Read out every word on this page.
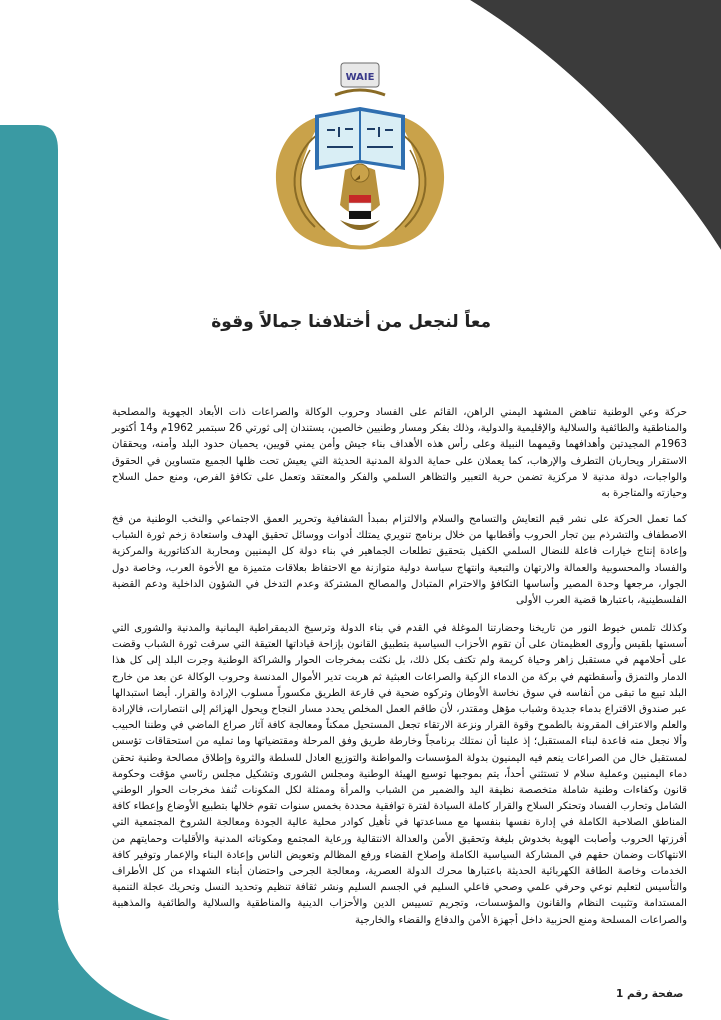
WAIE
معاً لنجعل من أختلافنا جمالاً وقوة
حركة وعي الوطنية تناهض المشهد اليمني الراهن، القائم على الفساد وحروب الوكالة والصراعات ذات الأبعاد الجهوية والمصلحية والمناطقية والطائفية والسلالية والإقليمية والدولية، وذلك بفكر ومسار وطنيين خالصين، يستندان إلى ثورتي 26 سبتمبر 1962م و14 أكتوبر 1963م المجيدتين وأهدافهما وقيمهما النبيلة وعلى رأس هذه الأهداف بناء جيش وأمن يمني قويين، يحميان حدود البلد وأمنه، ويحققان الاستقرار ويحاربان التطرف والإرهاب، كما يعملان على حماية الدولة المدنية الحديثة التي يعيش تحت ظلها الجميع متساوين في الحقوق والواجبات، دولة مدنية لا مركزية تضمن حرية التعبير والتظاهر السلمي والفكر والمعتقد وتعمل على تكافؤ الفرص، ومنع حمل السلاح وحيازته والمتاجرة به
كما تعمل الحركة على نشر قيم التعايش والتسامح والسلام والالتزام بمبدأ الشفافية وتحرير العمق الاجتماعي والنخب الوطنية من فخ الاصطفاف والتشرذم بين تجار الحروب وأقطابها من خلال برنامج تنويري يمتلك أدوات ووسائل تحقيق الهدف واستعادة زخم ثورة الشباب وإعادة إنتاج خيارات فاعلة للنضال السلمي الكفيل بتحقيق تطلعات الجماهير في بناء دولة كل اليمنيين ومحاربة الدكتاتورية والمركزية والفساد والمحسوبية والعمالة والارتهان والتبعية وانتهاج سياسة دولية متوازنة مع الاحتفاظ بعلاقات متميزة مع الأخوة العرب، وخاصة دول الجوار، مرجعها وحدة المصير وأساسها التكافؤ والاحترام المتبادل والمصالح المشتركة وعدم التدخل في الشؤون الداخلية ودعم القضية الفلسطينية، باعتبارها قضية العرب الأولى
وكذلك تلمس خيوط النور من تاريخنا وحضارتنا الموغلة في القدم في بناء الدولة وترسيخ الديمقراطية اليمانية والمدنية والشورى التي أسستها بلقيس وأروى العظيمتان على أن تقوم الأحزاب السياسية بتطبيق القانون بإزاحة قياداتها العتيقة التي سرقت ثورة الشباب وقضت على أحلامهم في مستقبل زاهر وحياة كريمة ولم تكتف بكل ذلك، بل نكثت بمخرجات الحوار والشراكة الوطنية وجرت البلد إلى كل هذا الدمار والتمزق وأسقطتهم في بركة من الدماء الزكية والصراعات العبثية ثم هربت تدير الأموال المدنسة وحروب الوكالة عن بعد من خارج البلد تبيع ما تبقى من أنفاسه في سوق نخاسة الأوطان وتركوه ضحية في قارعة الطريق مكسوراً مسلوب الإرادة والقرار. أيضا استبدالها عبر صندوق الاقتراع بدماء جديدة وشباب مؤهل ومقتدر، لأن طاقم العمل المخلص يحدد مسار النجاح ويحول الهزائم إلى انتصارات، فالإرادة والعلم والاعتراف المقرونة بالطموح وقوة القرار ونزعة الارتقاء تجعل المستحيل ممكناً ومعالجة كافة آثار صراع الماضي في وطننا الحبيب وألا نجعل منه قاعدة لبناء المستقبل؛ إذ علينا أن نمتلك برنامجاً وخارطة طريق وفق المرحلة ومقتضياتها وما تمليه من استحقاقات تؤسس لمستقبل خال من الصراعات ينعم فيه اليمنيون بدولة المؤسسات والمواطنة والتوزيع العادل للسلطة والثروة وإطلاق مصالحة وطنية تحقن دماء اليمنيين وعملية سلام لا تستثني أحداً، يتم بموجبها توسيع الهيئة الوطنية ومجلس الشورى وتشكيل مجلس رئاسي مؤقت وحكومة قانون وكفاءات وطنية شاملة متخصصة نظيفة اليد والضمير من الشباب والمرأة وممثلة لكل المكونات تُنفذ مخرجات الحوار الوطني الشامل وتحارب الفساد وتحتكر السلاح والقرار كاملة السيادة لفترة توافقية محددة بخمس سنوات تقوم خلالها بتطبيع الأوضاع وإعطاء كافة المناطق الصلاحية الكاملة في إدارة نفسها بنفسها مع مساعدتها في تأهيل كوادر محلية عالية الجودة ومعالجة الشروخ المجتمعية التي أفرزتها الحروب وأصابت الهوية بخدوش بليغة وتحقيق الأمن والعدالة الانتقالية ورعاية المجتمع ومكوناته المدنية والأقليات وحمايتهم من الانتهاكات وضمان حقهم في المشاركة السياسية الكاملة وإصلاح القضاء ورفع المظالم وتعويض الناس وإعادة البناء والإعمار وتوفير كافة الخدمات وخاصة الطاقة الكهربائية الحديثة باعتبارها محرك الدولة العصرية، ومعالجة الجرحى واحتضان أبناء الشهداء من كل الأطراف والتأسيس لتعليم نوعي وحرفي علمي وصحي فاعلي السليم في الجسم السليم ونشر ثقافة تنظيم وتحديد النسل وتحريك عجلة التنمية المستدامة وتثبيت النظام والقانون والمؤسسات، وتجريم تسييس الدين والأحزاب الدينية والمناطقية والسلالية والطائفية والمذهبية والصراعات المسلحة ومنع الحزبية داخل أجهزة الأمن والدفاع والقضاء والخارجية
صفحة رقم 1
